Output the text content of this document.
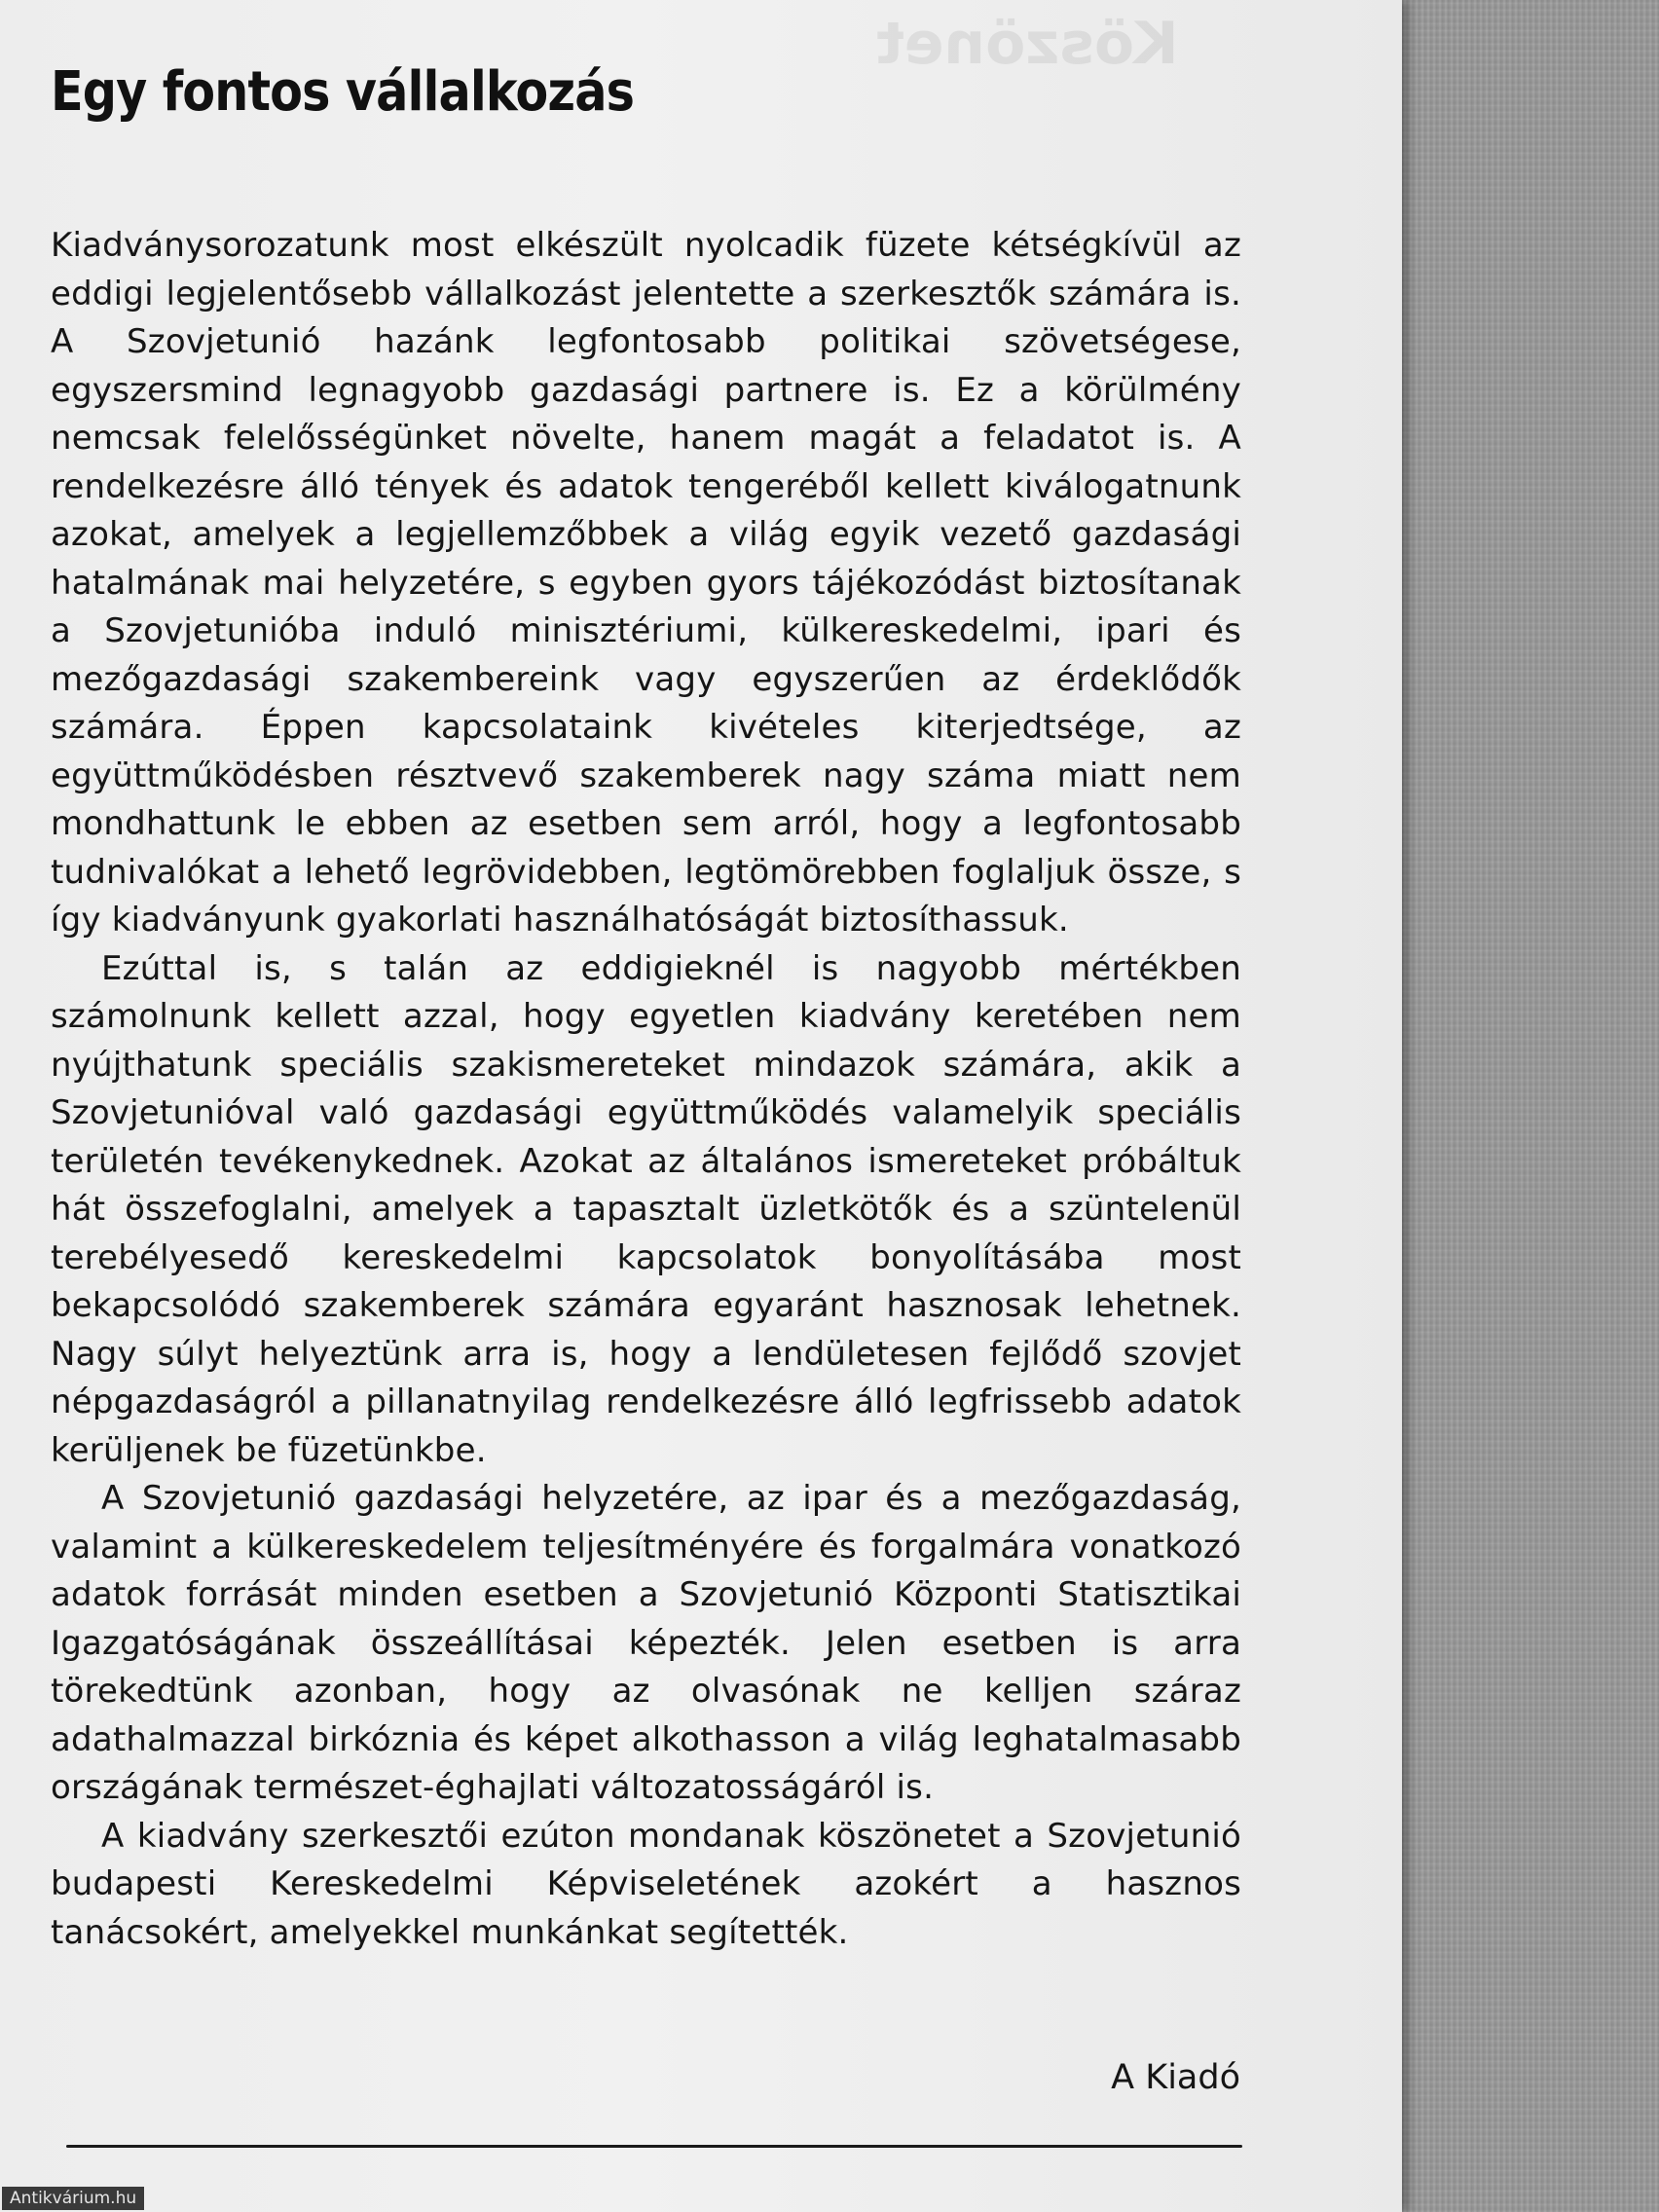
Köszönet
Egy fontos vállalkozás

Kiadványsorozatunk most elkészült nyolcadik füzete kétségkívül az eddigi legjelentősebb vállalkozást jelentette a szerkesztők számára is. A Szovjetunió hazánk legfontosabb politikai szövetségese, egyszersmind legnagyobb gazdasági partnere is. Ez a körülmény nemcsak felelősségünket növelte, hanem magát a feladatot is. A rendelkezésre álló tények és adatok tengeréből kellett kiválogatnunk azokat, amelyek a legjellemzőbbek a világ egyik vezető gazdasági hatalmának mai helyzetére, s egyben gyors tájékozódást biztosítanak a Szovjetunióba induló minisztériumi, külkereskedelmi, ipari és mezőgazdasági szakembereink vagy egyszerűen az érdeklődők számára. Éppen kapcsolataink kivételes kiterjedtsége, az együttműködésben résztvevő szakemberek nagy száma miatt nem mondhattunk le ebben az esetben sem arról, hogy a legfontosabb tudnivalókat a lehető legrövidebben, legtömörebben foglaljuk össze, s így kiadványunk gyakorlati használhatóságát biztosíthassuk.

Ezúttal is, s talán az eddigieknél is nagyobb mértékben számolnunk kellett azzal, hogy egyetlen kiadvány keretében nem nyújthatunk speciális szakismereteket mindazok számára, akik a Szovjetunióval való gazdasági együttműködés valamelyik speciális területén tevékenykednek. Azokat az általános ismereteket próbáltuk hát összefoglalni, amelyek a tapasztalt üzletkötők és a szüntelenül terebélyesedő kereskedelmi kapcsolatok bonyolításába most bekapcsolódó szakemberek számára egyaránt hasznosak lehetnek. Nagy súlyt helyeztünk arra is, hogy a lendületesen fejlődő szovjet népgazdaságról a pillanatnyilag rendelkezésre álló legfrissebb adatok kerüljenek be füzetünkbe.

A Szovjetunió gazdasági helyzetére, az ipar és a mezőgazdaság, valamint a külkereskedelem teljesítményére és forgalmára vonatkozó adatok forrását minden esetben a Szovjetunió Központi Statisztikai Igazgatóságának összeállításai képezték. Jelen esetben is arra törekedtünk azonban, hogy az olvasónak ne kelljen száraz adathalmazzal birkóznia és képet alkothasson a világ leghatalmasabb országának természet-éghajlati változatosságáról is.

A kiadvány szerkesztői ezúton mondanak köszönetet a Szovjetunió budapesti Kereskedelmi Képviseletének azokért a hasznos tanácsokért, amelyekkel munkánkat segítették.

A Kiadó
Antikvárium.hu
